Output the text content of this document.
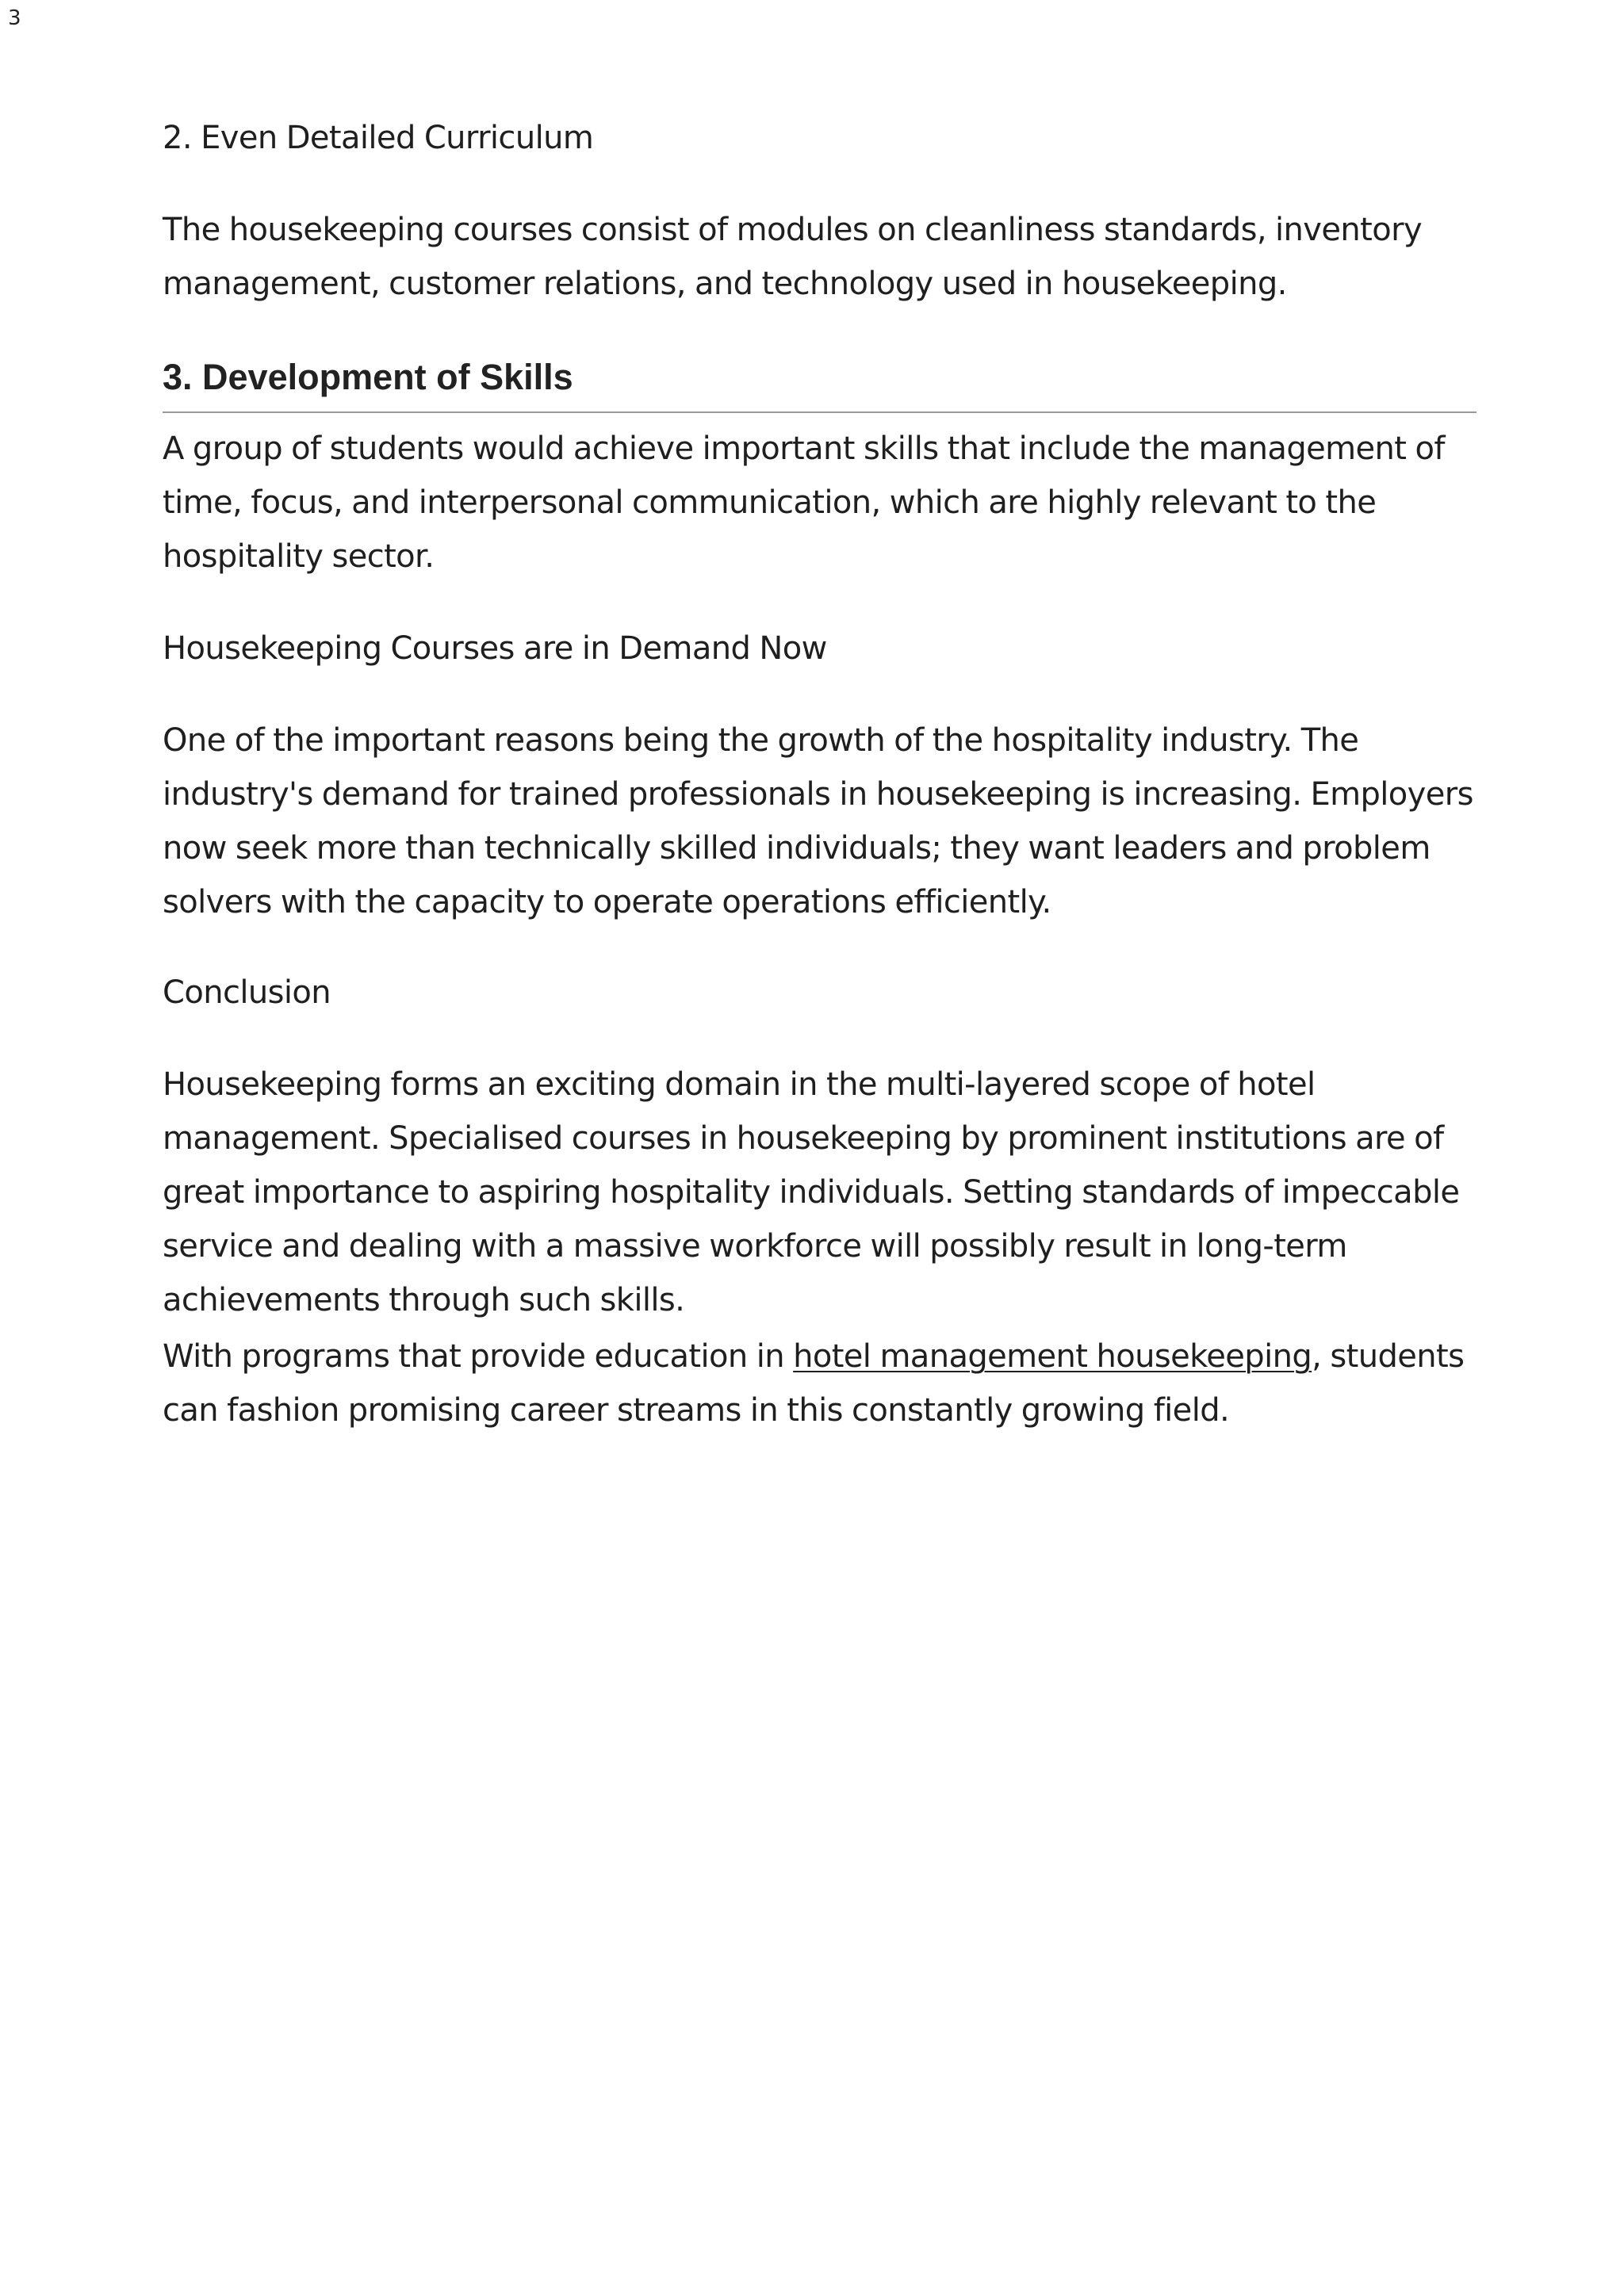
3

2. Even Detailed Curriculum

The housekeeping courses consist of modules on cleanliness standards, inventory management, customer relations, and technology used in housekeeping.

3. Development of Skills

A group of students would achieve important skills that include the management of time, focus, and interpersonal communication, which are highly relevant to the hospitality sector.

Housekeeping Courses are in Demand Now

One of the important reasons being the growth of the hospitality industry. The industry's demand for trained professionals in housekeeping is increasing. Employers now seek more than technically skilled individuals; they want leaders and problem solvers with the capacity to operate operations efficiently.

Conclusion

Housekeeping forms an exciting domain in the multi-layered scope of hotel management. Specialised courses in housekeeping by prominent institutions are of great importance to aspiring hospitality individuals. Setting standards of impeccable service and dealing with a massive workforce will possibly result in long-term achievements through such skills.

With programs that provide education in hotel management housekeeping, students can fashion promising career streams in this constantly growing field.
